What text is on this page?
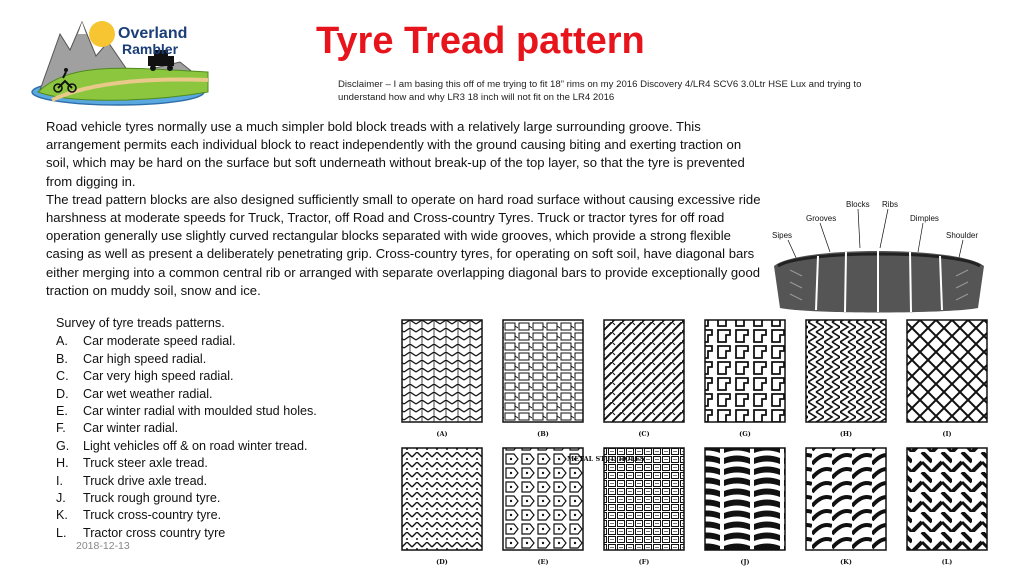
Overland
Rambler	Tyre Tread pattern
Disclaimer – I am basing this off of me trying to fit 18” rims on my 2016 Discovery 4/LR4 SCV6 3.0Ltr HSE Lux and trying to understand how and why LR3 18 inch will not fit on the LR4 2016

Road vehicle tyres normally use a much simpler bold block treads with a relatively large surrounding groove. This arrangement permits each individual block to react independently with the ground causing biting and exerting traction on soil, which may be hard on the surface but soft underneath without break-up of the top layer, so that the tyre is prevented from digging in.

The tread pattern blocks are also designed sufficiently small to operate on hard road surface without causing excessive ride harshness at moderate speeds for Truck, Tractor, off Road and Cross-country Tyres. Truck or tractor tyres for off road operation generally use slightly curved rectangular blocks separated with wide grooves, which provide a strong flexible casing as well as present a deliberately penetrating grip. Cross-country tyres, for operating on soft soil, have diagonal bars either merging into a common central rib or arranged with separate overlapping diagonal bars to provide exceptionally good traction on muddy soil, snow and ice.

Blocks Ribs
Grooves	Dimples
Sipes	Shoulder

Survey of tyre treads patterns.

A.	Car moderate speed radial.
B.	Car high speed radial.
C.	Car very high speed radial.
D.	Car wet weather radial.
E.	Car winter radial with moulded stud holes.
F.	Car winter radial.
G.	Light vehicles off & on road winter tread.
H.	Truck steer axle tread.
I.	Truck drive axle tread.
J.	Truck rough ground tyre.
K.	Truck cross-country tyre.
L.	Tractor cross country tyre
2018-12-13
(A)	(B)	(C)	(G)	(H)	(I)
(D)	(E)	(F)	(J)	(K)	(L)
METAL STUD HOLES
